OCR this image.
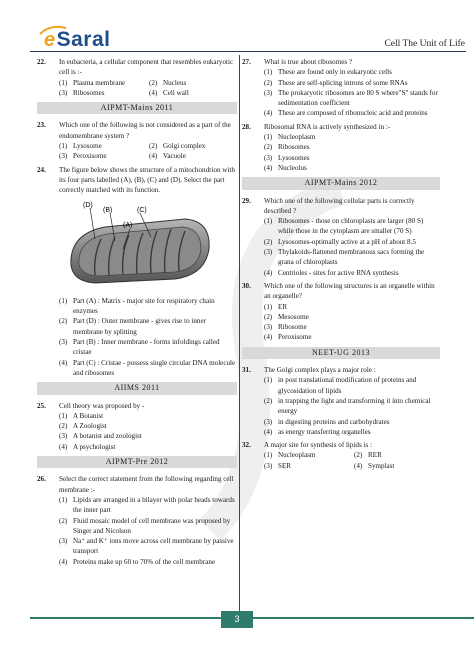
eSaral	Cell The Unit of Life
22.	In eubacteria, a cellular component that resembles eukaryotic cell is :-
(1) Plasma membrane	(2) Nucleus
(3) Ribosomes	(4) Cell wall
AIPMT-Mains 2011
23.	Which one of the following is not considered as a part of the endomembrane system ?
(1) Lysosome	(2) Golgi complex
(3) Peroxisome	(4) Vacuole
24.	The figure below shows the structure of a mitochondrion with its four parts labelled (A), (B), (C) and (D). Select the part correctly matched with its function.
(D)
(B)	(C)
(A)
(1) Part (A) : Matrix - major site for respiratory chain enzymes
(2) Part (D) : Outer membrane - gives rise to inner membrane by splitting
(3) Part (B) : Inner membrane - forms infoldings called cristae
(4) Part (C) : Cristae - possess single circular DNA molecule and ribosomes
AIIMS 2011
25.	Cell theory was proposed by -
(1) A Botanist
(2) A Zoologist
(3) A botanist and zoologist
(4) A psychologist
AIPMT-Pre 2012
26.	Select the correct statement from the following regarding cell membrane :-
(1) Lipids are arranged in a bilayer with polar heads towards the inner part
(2) Fluid mosaic model of cell membrane was proposed by Singer and Nicolson
(3) Na⁺ and K⁺ ions move across cell membrane by passive transport
(4) Proteins make up 60 to 70% of the cell membrane
27.	What is true about ribosomes ?
(1) These are found only in eukaryotic cells
(2) These are self-splicing introns of some RNAs
(3) The prokaryotic ribosomes are 80 S where"S" stands for sedimentation coefficient
(4) These are composed of ribonucleic acid and proteins
28.	Ribosomal RNA is actively synthesized in :-
(1) Nucleoplasm
(2) Ribosomes
(3) Lysosomes
(4) Nucleolus
AIPMT-Mains 2012
29.	Which one of the following cellular parts is correctly described ?
(1) Ribosomes - those on chloroplasts are larger (80 S) while those in the cytoplasm are smaller (70 S)
(2) Lysosomes-optimally active at a pH of about 8.5
(3) Thylakoids-flattened membranous sacs forming the grana of chloroplasts
(4) Centrioles - sites for active RNA synthesis
30.	Which one of the following structures is an organelle within an organelle?
(1) ER
(2) Mesosome
(3) Ribosome
(4) Peroxisome
NEET-UG 2013
31.	The Golgi complex plays a major role :
(1) in post translational modification of proteins and glycosidation of lipids
(2) in trapping the light and transforming it into chemical energy
(3) in digesting proteins and carbohydrates
(4) as energy transferring organelles
32.	A major site for synthesis of lipids is :
(1) Nucleoplasm	(2) RER
(3) SER	(4) Symplast
3
